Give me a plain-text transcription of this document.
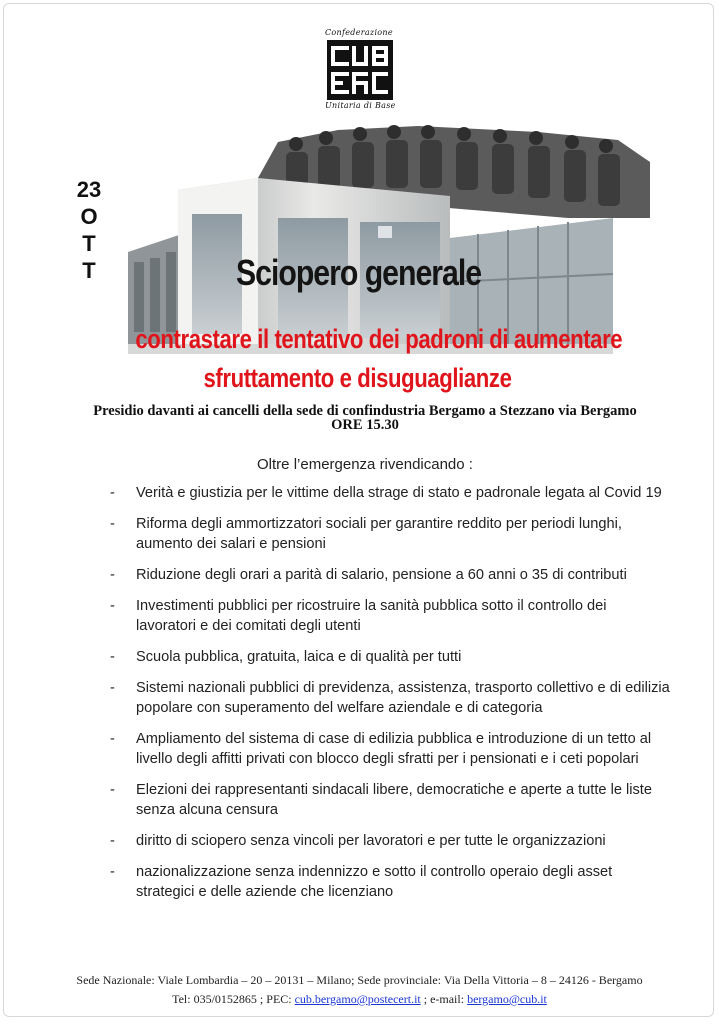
Confederazione
Unitaria di Base
23
O
T
T	Sciopero generale
contrastare il tentativo dei padroni di aumentare
sfruttamento e disuguaglianze
Presidio davanti ai cancelli della sede di confindustria Bergamo a Stezzano via Bergamo
ORE 15.30
Oltre l’emergenza rivendicando :
- Verità e giustizia per le vittime della strage di stato e padronale legata al Covid 19
- Riforma degli ammortizzatori sociali per garantire reddito per periodi lunghi, aumento dei salari e pensioni
- Riduzione degli orari a parità di salario, pensione a 60 anni o 35 di contributi
- Investimenti pubblici per ricostruire la sanità pubblica sotto il controllo dei lavoratori e dei comitati degli utenti
- Scuola pubblica, gratuita, laica e di qualità per tutti
- Sistemi nazionali pubblici di previdenza, assistenza, trasporto collettivo e di edilizia popolare con superamento del welfare aziendale e di categoria
- Ampliamento del sistema di case di edilizia pubblica e introduzione di un tetto al livello degli affitti privati con blocco degli sfratti per i pensionati e i ceti popolari
- Elezioni dei rappresentanti sindacali libere, democratiche e aperte a tutte le liste senza alcuna censura
- diritto di sciopero senza vincoli per lavoratori e per tutte le organizzazioni
- nazionalizzazione senza indennizzo e sotto il controllo operaio degli asset strategici e delle aziende che licenziano
Sede Nazionale: Viale Lombardia – 20 – 20131 – Milano; Sede provinciale: Via Della Vittoria – 8 – 24126 - Bergamo
Tel: 035/0152865 ; PEC: cub.bergamo@postecert.it ; e-mail: bergamo@cub.it
